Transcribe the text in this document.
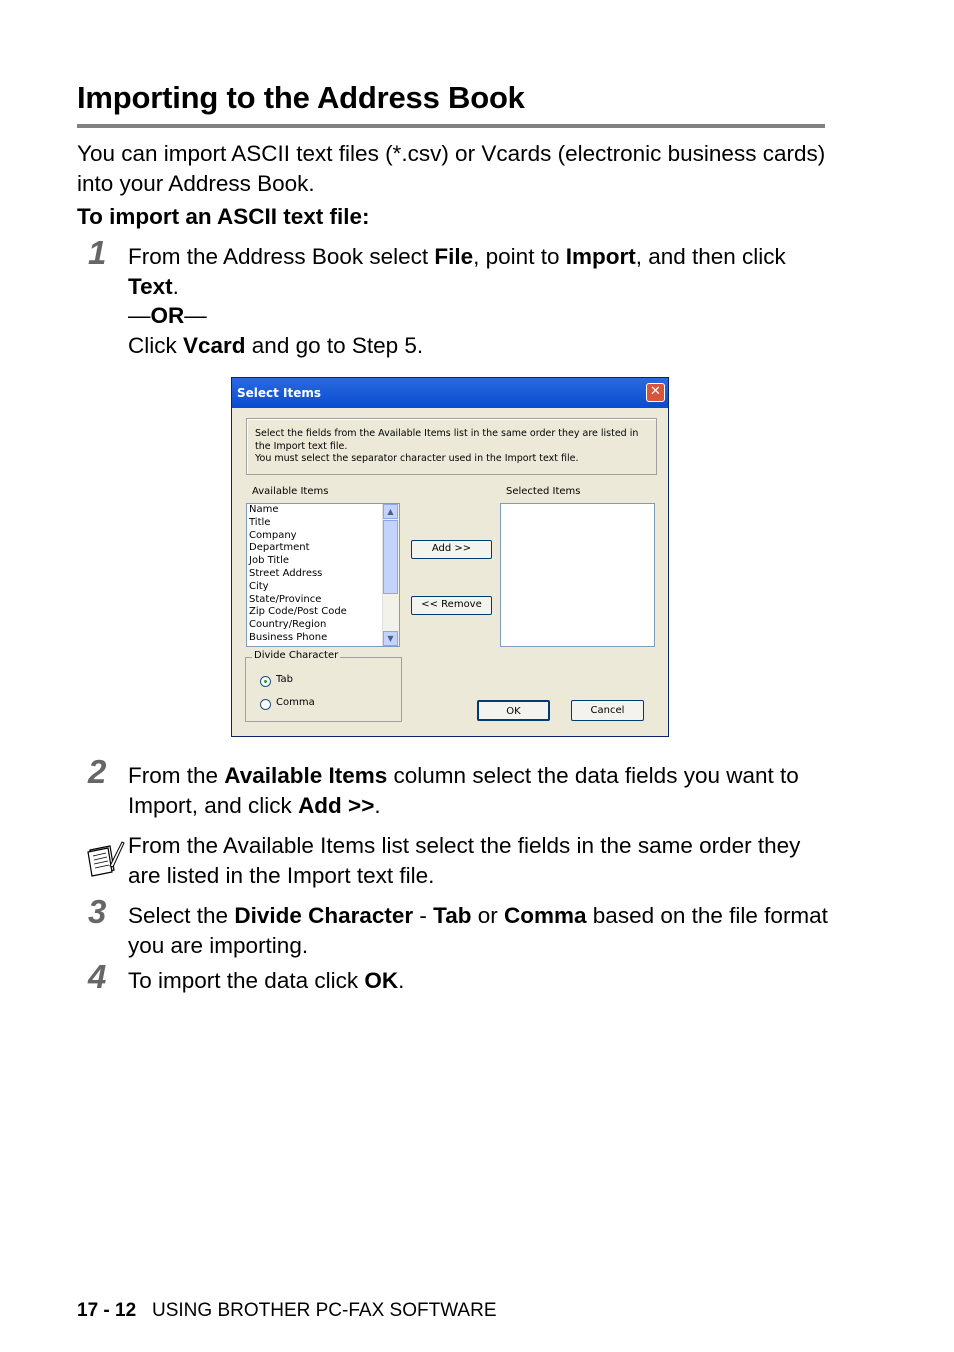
Importing to the Address Book

You can import ASCII text files (*.csv) or Vcards (electronic business cards) into your Address Book.

To import an ASCII text file:
1 From the Address Book select File, point to Import, and then click Text.
—OR—
Click Vcard and go to Step 5.
Select Items	✕
Select the fields from the Available Items list in the same order they are listed in the Import text file.
You must select the separator character used in the Import text file.
Available Items	Selected Items
Name
Title
Company
Department
Job Title
Street Address
City
State/Province
Zip Code/Post Code
Country/Region
Business Phone
▲
▼
Add >>
<< Remove
Divide Character
Tab
Comma
OK	Cancel
2 From the Available Items column select the data fields you want to Import, and click Add >>.
From the Available Items list select the fields in the same order they are listed in the Import text file.
3 Select the Divide Character - Tab or Comma based on the file format you are importing.
4 To import the data click OK.
17 - 12 USING BROTHER PC-FAX SOFTWARE
